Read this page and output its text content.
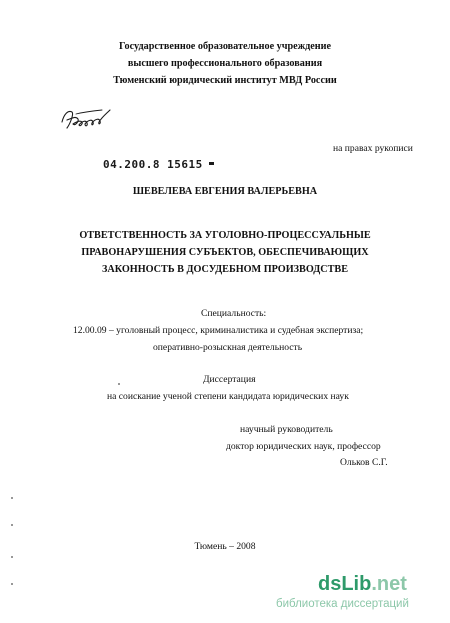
Государственное образовательное учреждение
высшего профессионального образования
Тюменский юридический институт МВД России
на правах рукописи
04.200.8 15615
ШЕВЕЛЕВА ЕВГЕНИЯ ВАЛЕРЬЕВНА
ОТВЕТСТВЕННОСТЬ ЗА УГОЛОВНО-ПРОЦЕССУАЛЬНЫЕ
ПРАВОНАРУШЕНИЯ СУБЪЕКТОВ, ОБЕСПЕЧИВАЮЩИХ
ЗАКОННОСТЬ В ДОСУДЕБНОМ ПРОИЗВОДСТВЕ
Специальность:
12.00.09 – уголовный процесс, криминалистика и судебная экспертиза;
оперативно-розыскная деятельность
Диссертация
на соискание ученой степени кандидата юридических наук
научный руководитель
доктор юридических наук, профессор
Ольков С.Г.
Тюмень – 2008
dsLib.net
библиотека диссертаций
